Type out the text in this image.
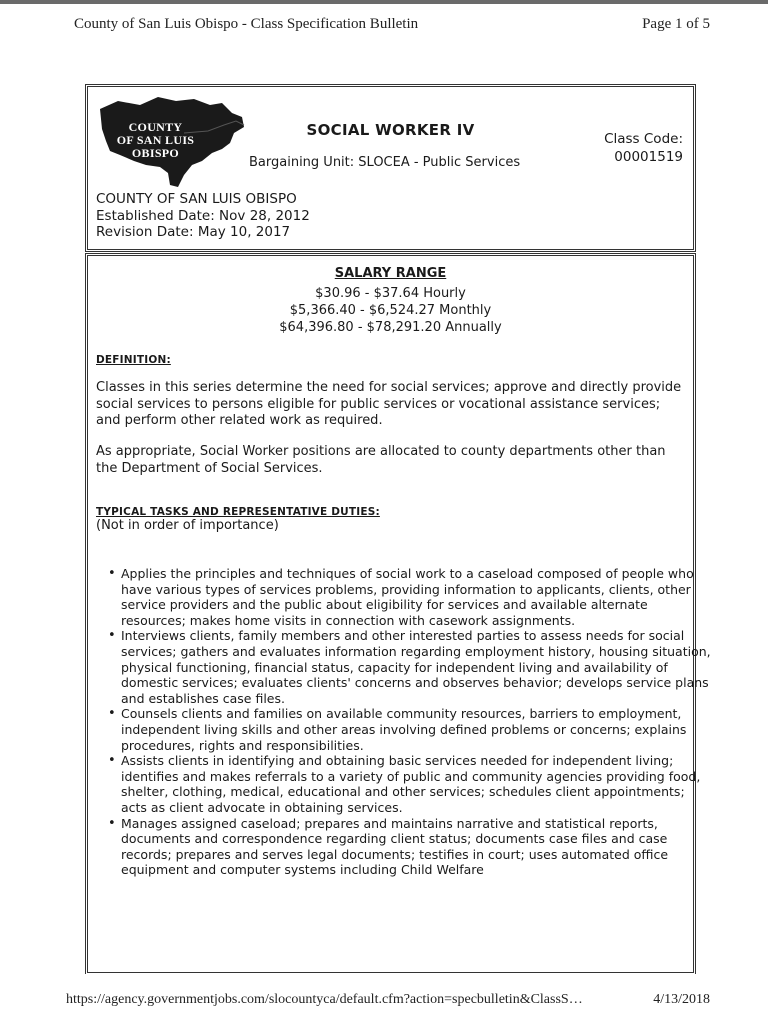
County of San Luis Obispo - Class Specification Bulletin	Page 1 of 5
COUNTY
OF SAN LUIS
OBISPO
SOCIAL WORKER IV
Bargaining Unit: SLOCEA - Public Services
Class Code:
00001519
COUNTY OF SAN LUIS OBISPO
Established Date: Nov 28, 2012
Revision Date: May 10, 2017
SALARY RANGE
$30.96 - $37.64 Hourly
$5,366.40 - $6,524.27 Monthly
$64,396.80 - $78,291.20 Annually
DEFINITION:
Classes in this series determine the need for social services; approve and directly provide social services to persons eligible for public services or vocational assistance services; and perform other related work as required.
As appropriate, Social Worker positions are allocated to county departments other than the Department of Social Services.
TYPICAL TASKS AND REPRESENTATIVE DUTIES:
(Not in order of importance)
• Applies the principles and techniques of social work to a caseload composed of people who have various types of services problems, providing information to applicants, clients, other service providers and the public about eligibility for services and available alternate resources; makes home visits in connection with casework assignments.
• Interviews clients, family members and other interested parties to assess needs for social services; gathers and evaluates information regarding employment history, housing situation, physical functioning, financial status, capacity for independent living and availability of domestic services; evaluates clients' concerns and observes behavior; develops service plans and establishes case files.
• Counsels clients and families on available community resources, barriers to employment, independent living skills and other areas involving defined problems or concerns; explains procedures, rights and responsibilities.
• Assists clients in identifying and obtaining basic services needed for independent living; identifies and makes referrals to a variety of public and community agencies providing food, shelter, clothing, medical, educational and other services; schedules client appointments; acts as client advocate in obtaining services.
• Manages assigned caseload; prepares and maintains narrative and statistical reports, documents and correspondence regarding client status; documents case files and case records; prepares and serves legal documents; testifies in court; uses automated office equipment and computer systems including Child Welfare
https://agency.governmentjobs.com/slocountyca/default.cfm?action=specbulletin&ClassS…	4/13/2018
